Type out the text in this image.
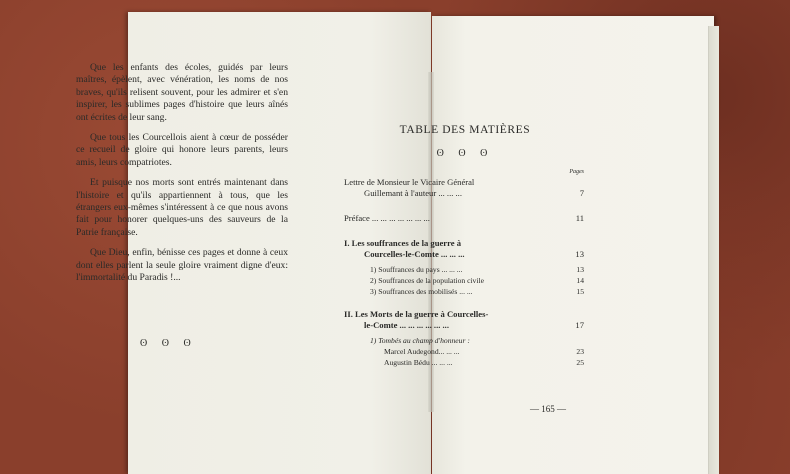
Que les enfants des écoles, guidés par leurs maîtres, épèlent, avec vénération, les noms de nos braves, qu'ils relisent souvent, pour les admirer et s'en inspirer, les sublimes pages d'histoire que leurs aînés ont écrites de leur sang.

Que tous les Courcellois aient à cœur de posséder ce recueil de gloire qui honore leurs parents, leurs amis, leurs compatriotes.

Et puisque nos morts sont entrés maintenant dans l'histoire et qu'ils appartiennent à tous, que les étrangers eux-mêmes s'intéressent à ce que nous avons fait pour honorer quelques-uns des sauveurs de la Patrie française.

Que Dieu, enfin, bénisse ces pages et donne à ceux dont elles parlent la seule gloire vraiment digne d'eux: l'immortalité du Paradis !...

ʘ ʘ ʘ
TABLE DES MATIÈRES
ʘ ʘ ʘ
Pages
Lettre de Monsieur le Vicaire Général
Guillemant à l'auteur ... ... ...	7
Préface ... ... ... ... ... ... ...	11
I. Les souffrances de la guerre à
Courcelles-le-Comte ... ... ...	13
1) Souffrances du pays ... ... ...	13
2) Souffrances de la population civile	14
3) Souffrances des mobilisés ... ...	15
II. Les Morts de la guerre à Courcelles-
le-Comte ... ... ... ... ... ...	17
1) Tombés au champ d'honneur :
Marcel Audegond... ... ...	23
Augustin Bédu ... ... ...	25
— 165 —
